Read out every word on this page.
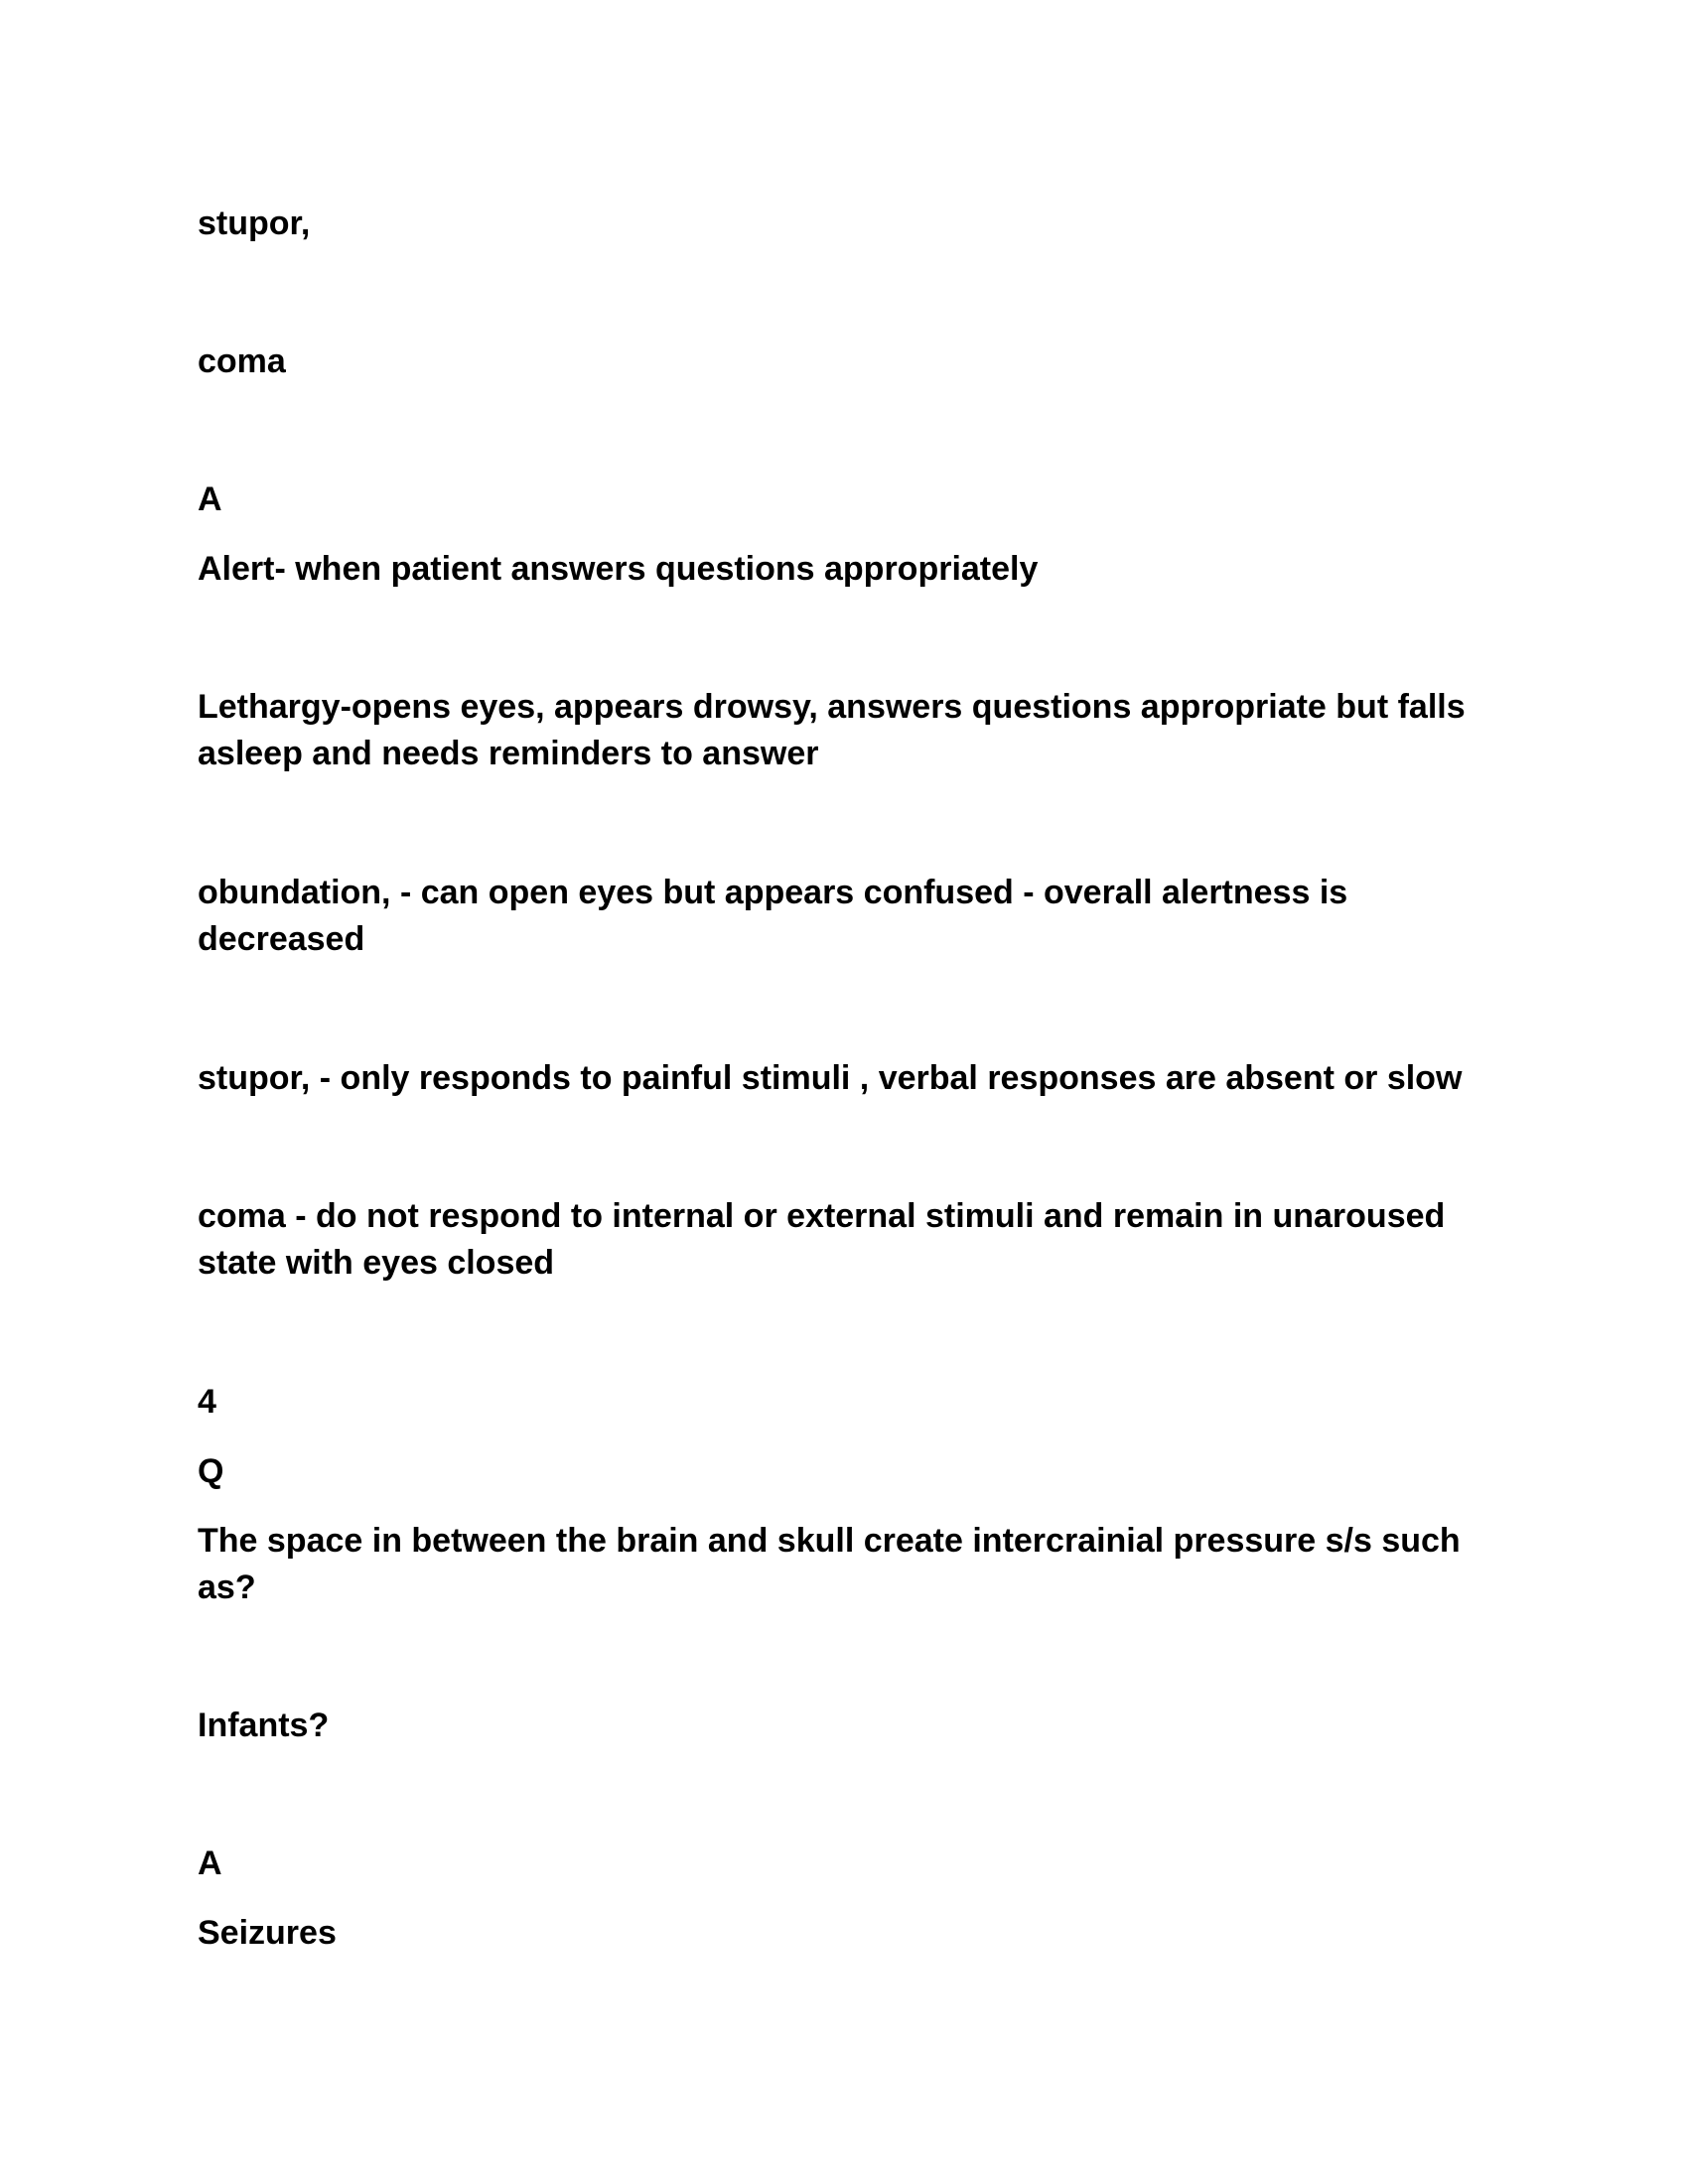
stupor,

coma

A

Alert- when patient answers questions appropriately

Lethargy-opens eyes, appears drowsy, answers questions appropriate but falls

asleep and needs reminders to answer

obundation, - can open eyes but appears confused - overall alertness is

decreased

stupor, - only responds to painful stimuli , verbal responses are absent or slow

coma - do not respond to internal or external stimuli and remain in unaroused

state with eyes closed

4

Q

The space in between the brain and skull create intercrainial pressure s/s such

as?

Infants?

A

Seizures
